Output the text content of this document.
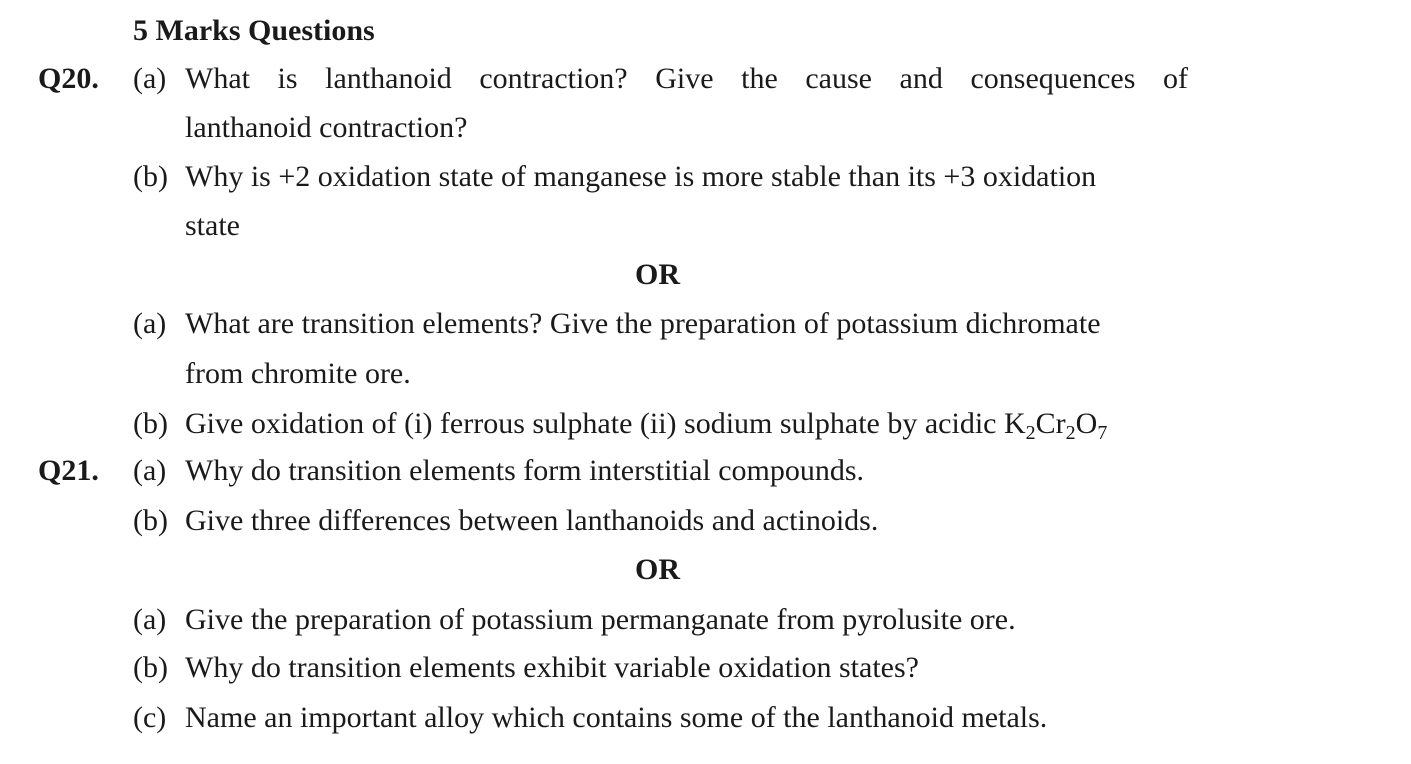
5 Marks Questions
Q20. (a) What is lanthanoid contraction? Give the cause and consequences of
lanthanoid contraction?
(b) Why is +2 oxidation state of manganese is more stable than its +3 oxidation
state
OR
(a) What are transition elements? Give the preparation of potassium dichromate
from chromite ore.
(b) Give oxidation of (i) ferrous sulphate (ii) sodium sulphate by acidic $K_2Cr_2O_7$
Q21. (a) Why do transition elements form interstitial compounds.
(b) Give three differences between lanthanoids and actinoids.
OR
(a) Give the preparation of potassium permanganate from pyrolusite ore.
(b) Why do transition elements exhibit variable oxidation states?
(c) Name an important alloy which contains some of the lanthanoid metals.
